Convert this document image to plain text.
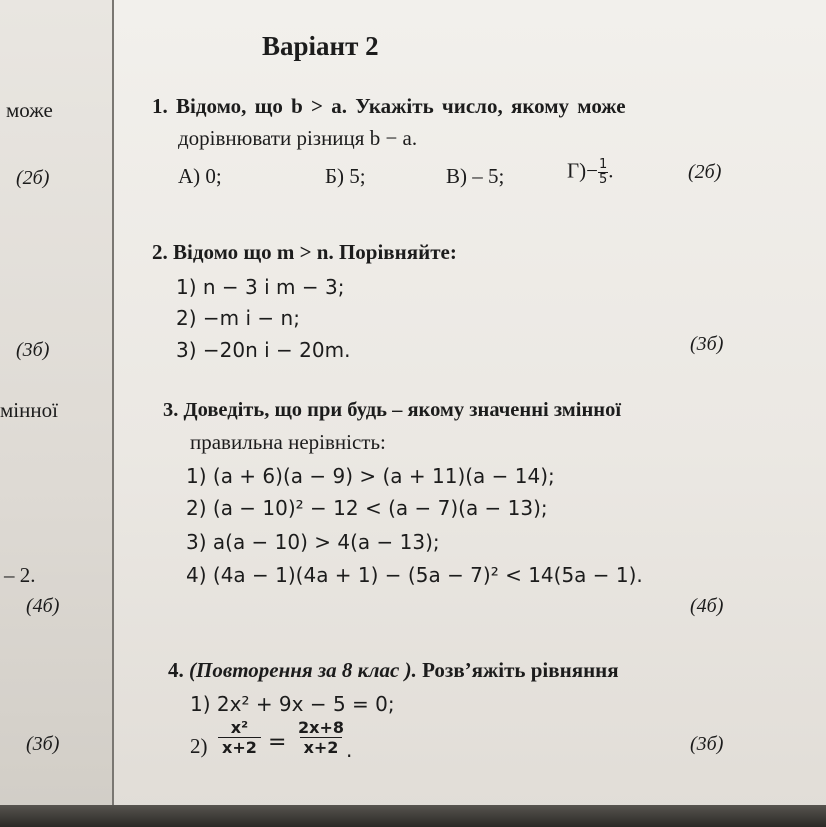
може
(2б)
(3б)
мінної
– 2.
(4б)
(3б)
Варіант 2
1. Відомо, що b > a. Укажіть число, якому може
дорівнювати різниця b − a.
А) 0;	Б) 5;	В) – 5;	$Г)- \frac{1}{5}$ .	(2б)
2. Відомо що m > n. Порівняйте:
1) n − 3 і m − 3;
2) −m і − n;
3) −20n і − 20m.	(3б)
3. Доведіть, що при будь – якому значенні змінної
правильна нерівність:
1) (a + 6)(a − 9) > (a + 11)(a − 14);
2) (a − 10)² − 12 < (a − 7)(a − 13);
3) a(a − 10) > 4(a − 13);
4) (4a − 1)(4a + 1) − (5a − 7)² < 14(5a − 1).
(4б)
4. (Повторення за 8 клас ). Розв’яжіть рівняння
1) 2x² + 9x − 5 = 0;
$2) \frac{\text{x²}}{x+2} = \frac{2x+8}{x+2}$
.	(3б)
